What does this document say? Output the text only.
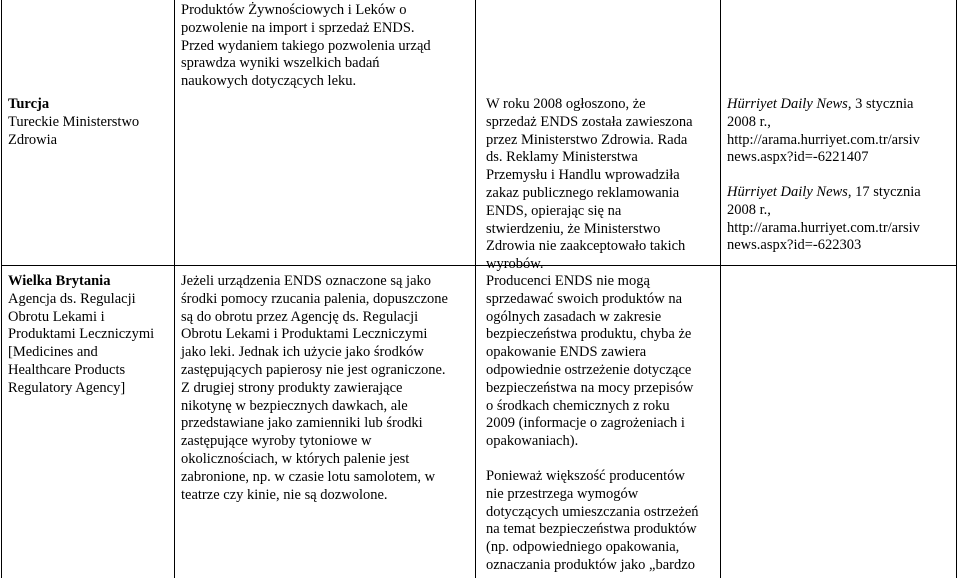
Turcja
Tureckie Ministerstwo
Zdrowia
Produktów Żywnościowych i Leków o
pozwolenie na import i sprzedaż ENDS.
Przed wydaniem takiego pozwolenia urząd
sprawdza wyniki wszelkich badań
naukowych dotyczących leku.
W roku 2008 ogłoszono, że
sprzedaż ENDS została zawieszona
przez Ministerstwo Zdrowia. Rada
ds. Reklamy Ministerstwa
Przemysłu i Handlu wprowadziła
zakaz publicznego reklamowania
ENDS, opierając się na
stwierdzeniu, że Ministerstwo
Zdrowia nie zaakceptowało takich
wyrobów.
Hürriyet Daily News, 3 stycznia
2008 r.,
http://arama.hurriyet.com.tr/arsiv
news.aspx?id=-6221407
Hürriyet Daily News, 17 stycznia
2008 r.,
http://arama.hurriyet.com.tr/arsiv
news.aspx?id=-622303
Wielka Brytania
Agencja ds. Regulacji
Obrotu Lekami i
Produktami Leczniczymi
[Medicines and
Healthcare Products
Regulatory Agency]
Jeżeli urządzenia ENDS oznaczone są jako
środki pomocy rzucania palenia, dopuszczone
są do obrotu przez Agencję ds. Regulacji
Obrotu Lekami i Produktami Leczniczymi
jako leki. Jednak ich użycie jako środków
zastępujących papierosy nie jest ograniczone.
Z drugiej strony produkty zawierające
nikotynę w bezpiecznych dawkach, ale
przedstawiane jako zamienniki lub środki
zastępujące wyroby tytoniowe w
okolicznościach, w których palenie jest
zabronione, np. w czasie lotu samolotem, w
teatrze czy kinie, nie są dozwolone.
Producenci ENDS nie mogą
sprzedawać swoich produktów na
ogólnych zasadach w zakresie
bezpieczeństwa produktu, chyba że
opakowanie ENDS zawiera
odpowiednie ostrzeżenie dotyczące
bezpieczeństwa na mocy przepisów
o środkach chemicznych z roku
2009 (informacje o zagrożeniach i
opakowaniach).
Ponieważ większość producentów
nie przestrzega wymogów
dotyczących umieszczania ostrzeżeń
na temat bezpieczeństwa produktów
(np. odpowiedniego opakowania,
oznaczania produktów jako „bardzo
